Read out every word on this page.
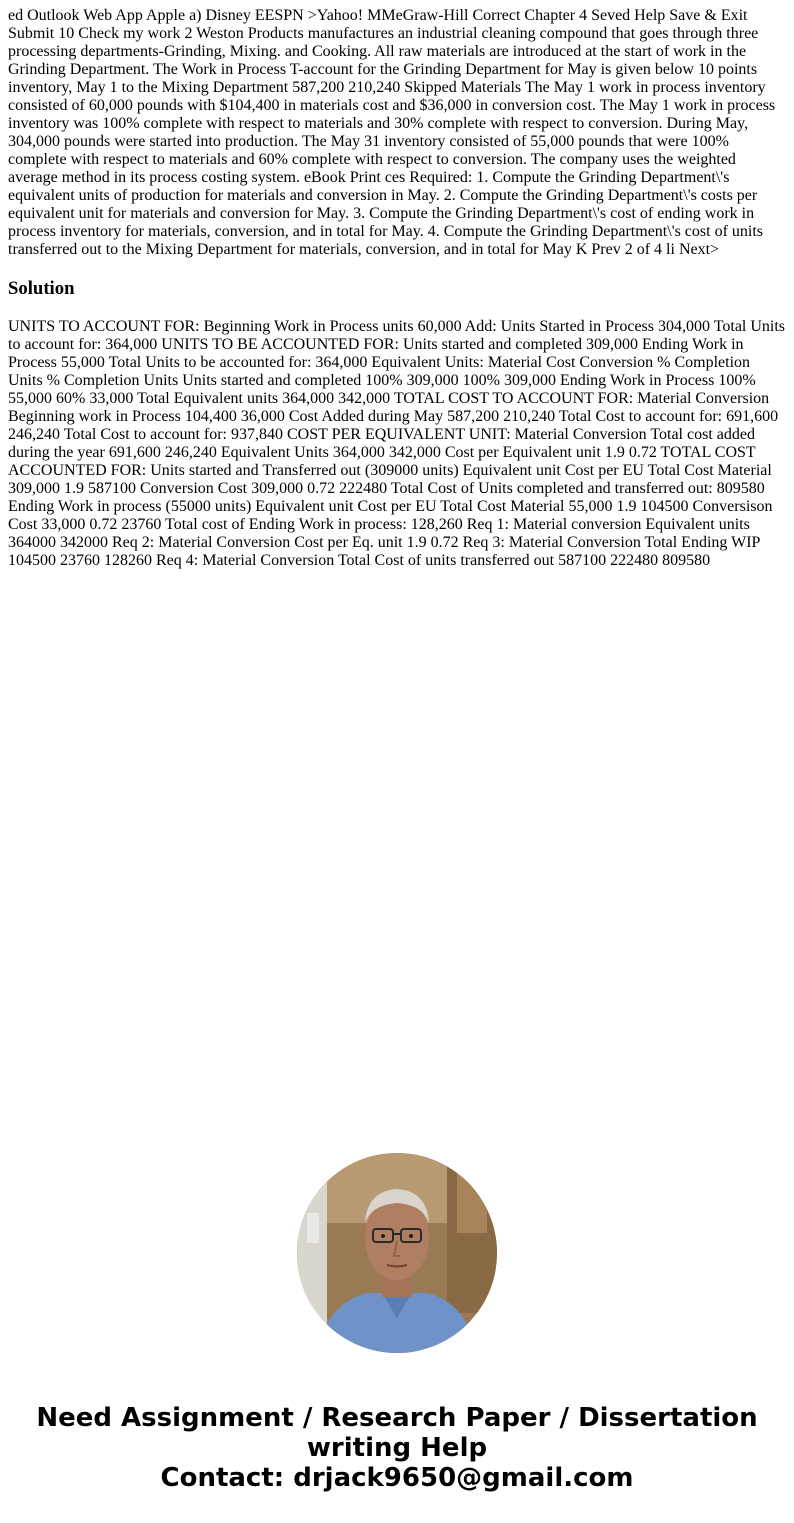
ed Outlook Web App Apple a) Disney EESPN >Yahoo! MMeGraw-Hill Correct Chapter 4 Seved Help Save & Exit Submit 10 Check my work 2 Weston Products manufactures an industrial cleaning compound that goes through three processing departments-Grinding, Mixing. and Cooking. All raw materials are introduced at the start of work in the Grinding Department. The Work in Process T-account for the Grinding Department for May is given below 10 points inventory, May 1 to the Mixing Department 587,200 210,240 Skipped Materials The May 1 work in process inventory consisted of 60,000 pounds with $104,400 in materials cost and $36,000 in conversion cost. The May 1 work in process inventory was 100% complete with respect to materials and 30% complete with respect to conversion. During May, 304,000 pounds were started into production. The May 31 inventory consisted of 55,000 pounds that were 100% complete with respect to materials and 60% complete with respect to conversion. The company uses the weighted average method in its process costing system. eBook Print ces Required: 1. Compute the Grinding Department\'s equivalent units of production for materials and conversion in May. 2. Compute the Grinding Department\'s costs per equivalent unit for materials and conversion for May. 3. Compute the Grinding Department\'s cost of ending work in process inventory for materials, conversion, and in total for May. 4. Compute the Grinding Department\'s cost of units transferred out to the Mixing Department for materials, conversion, and in total for May K Prev 2 of 4 li Next>

Solution

UNITS TO ACCOUNT FOR: Beginning Work in Process units 60,000 Add: Units Started in Process 304,000 Total Units to account for: 364,000 UNITS TO BE ACCOUNTED FOR: Units started and completed 309,000 Ending Work in Process 55,000 Total Units to be accounted for: 364,000 Equivalent Units: Material Cost Conversion % Completion Units % Completion Units Units started and completed 100% 309,000 100% 309,000 Ending Work in Process 100% 55,000 60% 33,000 Total Equivalent units 364,000 342,000 TOTAL COST TO ACCOUNT FOR: Material Conversion Beginning work in Process 104,400 36,000 Cost Added during May 587,200 210,240 Total Cost to account for: 691,600 246,240 Total Cost to account for: 937,840 COST PER EQUIVALENT UNIT: Material Conversion Total cost added during the year 691,600 246,240 Equivalent Units 364,000 342,000 Cost per Equivalent unit 1.9 0.72 TOTAL COST ACCOUNTED FOR: Units started and Transferred out (309000 units) Equivalent unit Cost per EU Total Cost Material 309,000 1.9 587100 Conversion Cost 309,000 0.72 222480 Total Cost of Units completed and transferred out: 809580 Ending Work in process (55000 units) Equivalent unit Cost per EU Total Cost Material 55,000 1.9 104500 Conversison Cost 33,000 0.72 23760 Total cost of Ending Work in process: 128,260 Req 1: Material conversion Equivalent units 364000 342000 Req 2: Material Conversion Cost per Eq. unit 1.9 0.72 Req 3: Material Conversion Total Ending WIP 104500 23760 128260 Req 4: Material Conversion Total Cost of units transferred out 587100 222480 809580

Need Assignment / Research Paper / Dissertation
writing Help
Contact: drjack9650@gmail.com
